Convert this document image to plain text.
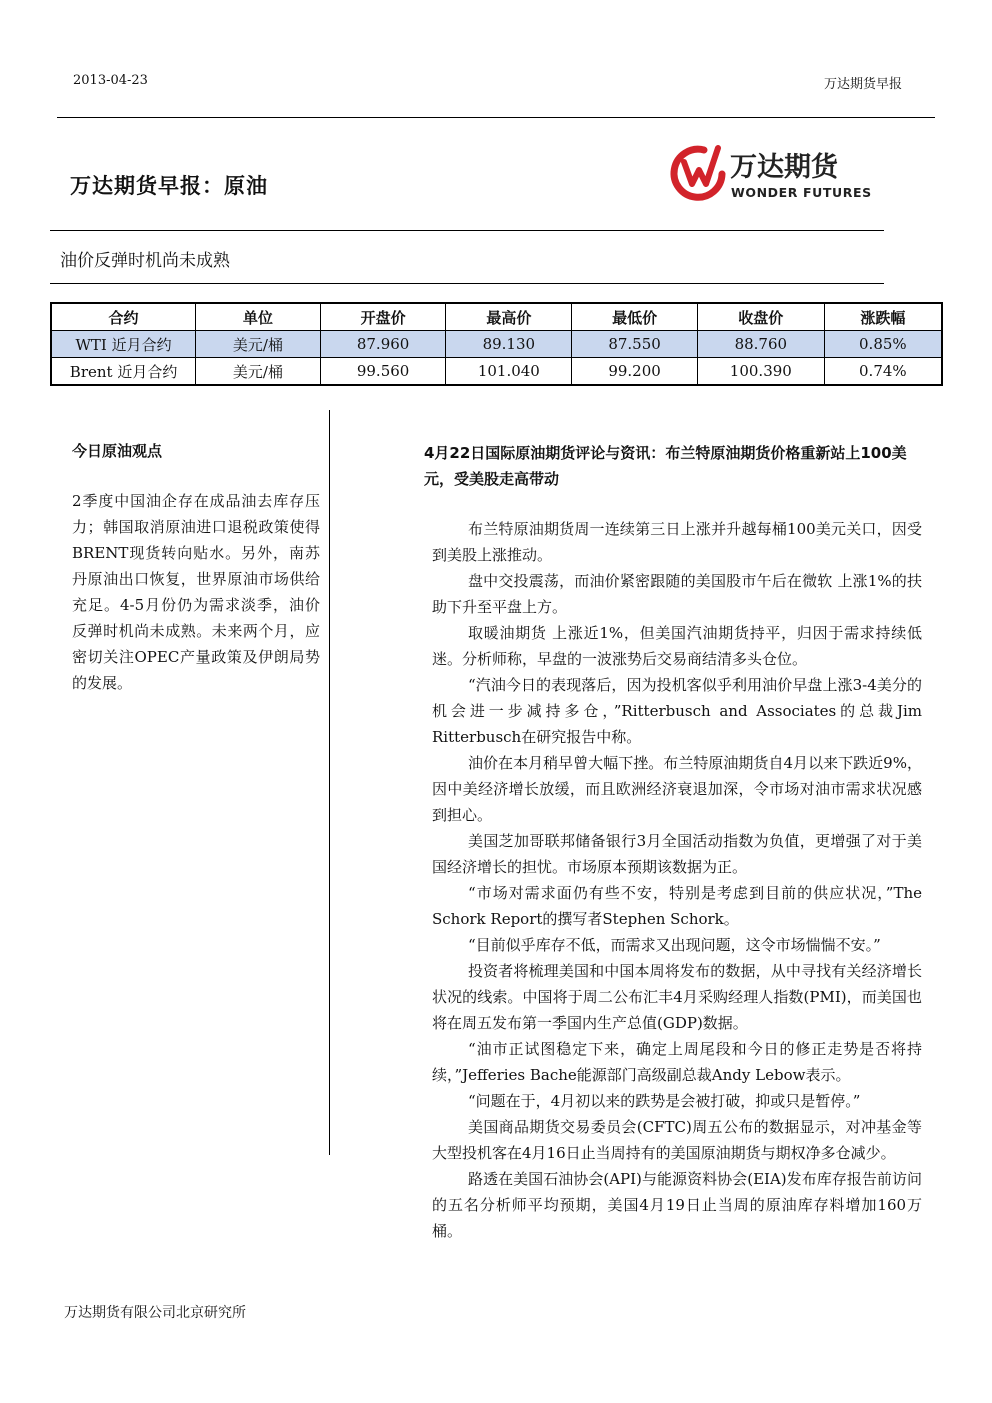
2013-04-23	万达期货早报
万达期货早报：原油
万达期货
WONDER FUTURES
油价反弹时机尚未成熟
合约	单位	开盘价	最高价	最低价	收盘价	涨跌幅
WTI 近月合约	美元/桶	87.960	89.130	87.550	88.760	0.85%
Brent 近月合约	美元/桶	99.560	101.040	99.200	100.390	0.74%
今日原油观点
2季度中国油企存在成品油去库存压力；韩国取消原油进口退税政策使得BRENT现货转向贴水。另外，南苏丹原油出口恢复，世界原油市场供给充足。4-5月份仍为需求淡季，油价反弹时机尚未成熟。未来两个月，应密切关注OPEC产量政策及伊朗局势的发展。
4月22日国际原油期货评论与资讯：布兰特原油期货价格重新站上100美元，受美股走高带动

布兰特原油期货周一连续第三日上涨并升越每桶100美元关口，因受到美股上涨推动。

盘中交投震荡，而油价紧密跟随的美国股市午后在微软 上涨1%的扶助下升至平盘上方。

取暖油期货 上涨近1%，但美国汽油期货持平，归因于需求持续低迷。分析师称，早盘的一波涨势后交易商结清多头仓位。

“汽油今日的表现落后，因为投机客似乎利用油价早盘上涨3-4美分的机会进一步减持多仓，”Ritterbusch and Associates的总裁Jim Ritterbusch在研究报告中称。

油价在本月稍早曾大幅下挫。布兰特原油期货自4月以来下跌近9%，因中美经济增长放缓，而且欧洲经济衰退加深，令市场对油市需求状况感到担心。

美国芝加哥联邦储备银行3月全国活动指数为负值，更增强了对于美国经济增长的担忧。市场原本预期该数据为正。

“市场对需求面仍有些不安，特别是考虑到目前的供应状况，”The Schork Report的撰写者Stephen Schork。

“目前似乎库存不低，而需求又出现问题，这令市场惴惴不安。”

投资者将梳理美国和中国本周将发布的数据，从中寻找有关经济增长状况的线索。中国将于周二公布汇丰4月采购经理人指数(PMI)，而美国也将在周五发布第一季国内生产总值(GDP)数据。

“油市正试图稳定下来，确定上周尾段和今日的修正走势是否将持续，”Jefferies Bache能源部门高级副总裁Andy Lebow表示。

“问题在于，4月初以来的跌势是会被打破，抑或只是暂停。”

美国商品期货交易委员会(CFTC)周五公布的数据显示，对冲基金等大型投机客在4月16日止当周持有的美国原油期货与期权净多仓减少。

路透在美国石油协会(API)与能源资料协会(EIA)发布库存报告前访问的五名分析师平均预期，美国4月19日止当周的原油库存料增加160万桶。

万达期货有限公司北京研究所
